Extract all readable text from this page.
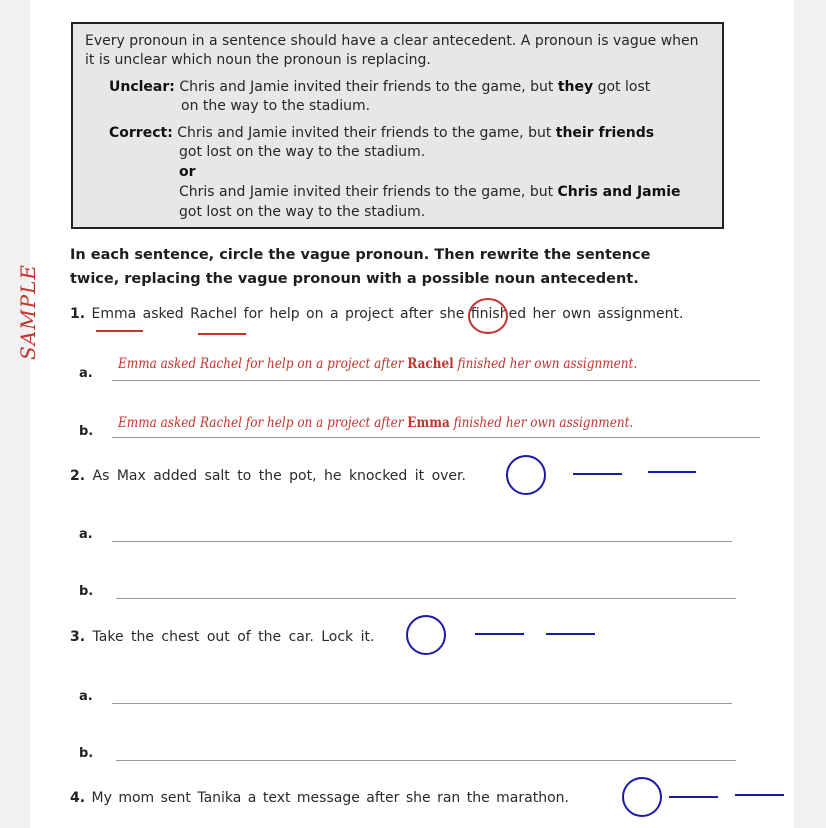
Every pronoun in a sentence should have a clear antecedent. A pronoun is vague when
it is unclear which noun the pronoun is replacing.
Unclear: Chris and Jamie invited their friends to the game, but they got lost
on the way to the stadium.
Correct: Chris and Jamie invited their friends to the game, but their friends
got lost on the way to the stadium.
or
Chris and Jamie invited their friends to the game, but Chris and Jamie
got lost on the way to the stadium.
In each sentence, circle the vague pronoun. Then rewrite the sentence twice, replacing the vague pronoun with a possible noun antecedent.
SAMPLE 1. Emma asked Rachel for help on a project after she finished her own assignment.
a.
Emma asked Rachel for help on a project after Rachel finished her own assignment.
b.
Emma asked Rachel for help on a project after Emma finished her own assignment.
2. As Max added salt to the pot, he knocked it over.
a.
b.
3. Take the chest out of the car. Lock it.
a.
b.
4. My mom sent Tanika a text message after she ran the marathon.
